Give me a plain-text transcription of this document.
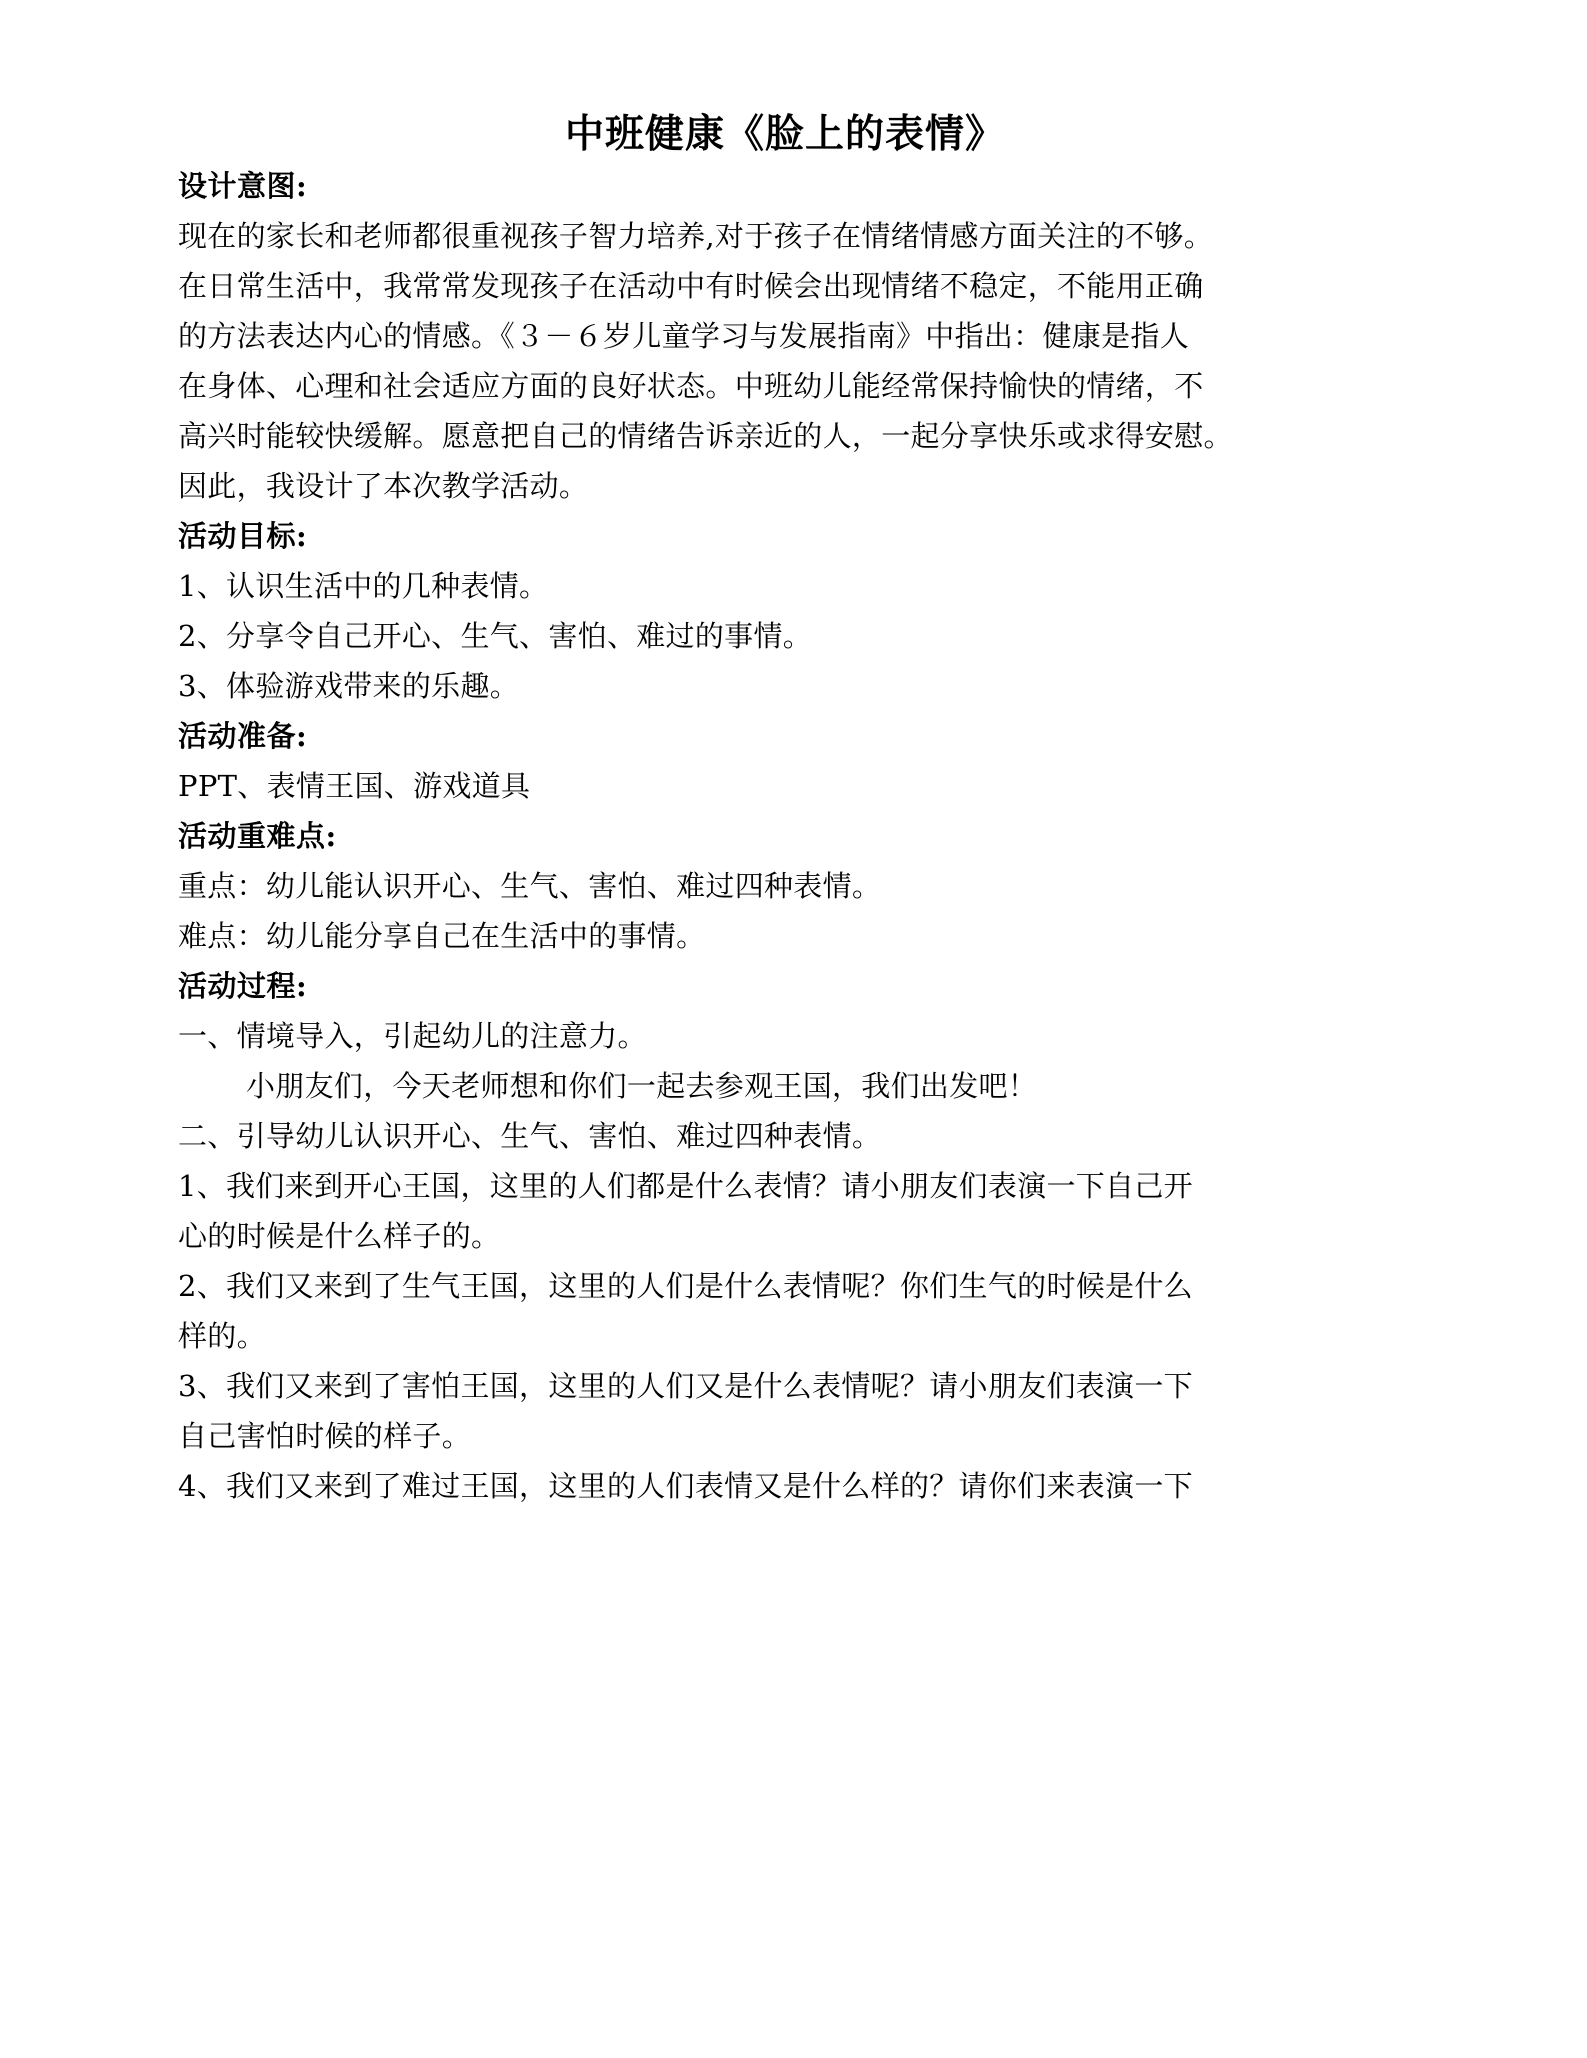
中班健康《脸上的表情》
设计意图:
现在的家长和老师都很重视孩子智力培养,对于孩子在情绪情感方面关注的不够。
在日常生活中，我常常发现孩子在活动中有时候会出现情绪不稳定，不能用正确
的方法表达内心的情感。《３－６岁儿童学习与发展指南》中指出：健康是指人
在身体、心理和社会适应方面的良好状态。中班幼儿能经常保持愉快的情绪，不
高兴时能较快缓解。愿意把自己的情绪告诉亲近的人，一起分享快乐或求得安慰。
因此，我设计了本次教学活动。
活动目标:
1、认识生活中的几种表情。
2、分享令自己开心、生气、害怕、难过的事情。
3、体验游戏带来的乐趣。
活动准备:
PPT、表情王国、游戏道具
活动重难点:
重点：幼儿能认识开心、生气、害怕、难过四种表情。
难点：幼儿能分享自己在生活中的事情。
活动过程:
一、情境导入，引起幼儿的注意力。
小朋友们，今天老师想和你们一起去参观王国，我们出发吧！
二、引导幼儿认识开心、生气、害怕、难过四种表情。
1、我们来到开心王国，这里的人们都是什么表情？请小朋友们表演一下自己开
心的时候是什么样子的。
2、我们又来到了生气王国，这里的人们是什么表情呢？你们生气的时候是什么
样的。
3、我们又来到了害怕王国，这里的人们又是什么表情呢？请小朋友们表演一下
自己害怕时候的样子。
4、我们又来到了难过王国，这里的人们表情又是什么样的？请你们来表演一下
